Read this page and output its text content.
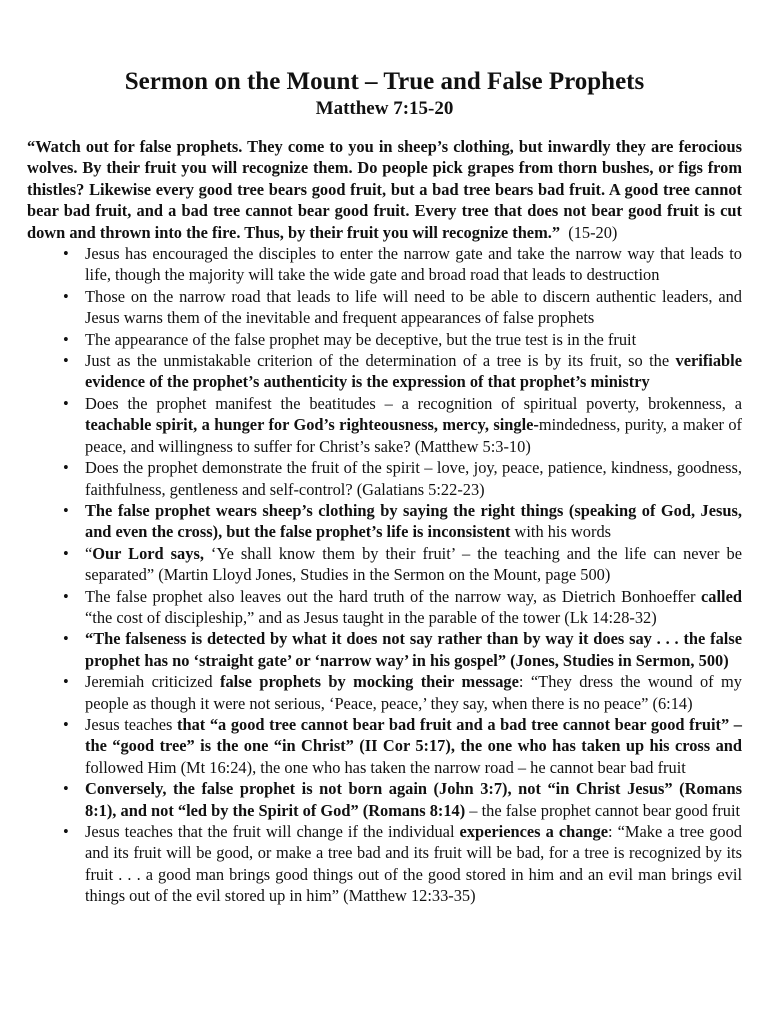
Sermon on the Mount – True and False Prophets
Matthew 7:15-20

“Watch out for false prophets. They come to you in sheep’s clothing, but inwardly they are ferocious wolves. By their fruit you will recognize them. Do people pick grapes from thorn bushes, or figs from thistles? Likewise every good tree bears good fruit, but a bad tree bears bad fruit. A good tree cannot bear bad fruit, and a bad tree cannot bear good fruit. Every tree that does not bear good fruit is cut down and thrown into the fire. Thus, by their fruit you will recognize them.” (15-20)

• Jesus has encouraged the disciples to enter the narrow gate and take the narrow way that leads to life, though the majority will take the wide gate and broad road that leads to destruction
• Those on the narrow road that leads to life will need to be able to discern authentic leaders, and Jesus warns them of the inevitable and frequent appearances of false prophets
• The appearance of the false prophet may be deceptive, but the true test is in the fruit
• Just as the unmistakable criterion of the determination of a tree is by its fruit, so the verifiable evidence of the prophet’s authenticity is the expression of that prophet’s ministry
• Does the prophet manifest the beatitudes – a recognition of spiritual poverty, brokenness, a teachable spirit, a hunger for God’s righteousness, mercy, single-mindedness, purity, a maker of peace, and willingness to suffer for Christ’s sake? (Matthew 5:3-10)
• Does the prophet demonstrate the fruit of the spirit – love, joy, peace, patience, kindness, goodness, faithfulness, gentleness and self-control? (Galatians 5:22-23)
• The false prophet wears sheep’s clothing by saying the right things (speaking of God, Jesus, and even the cross), but the false prophet’s life is inconsistent with his words
• “Our Lord says, ‘Ye shall know them by their fruit’ – the teaching and the life can never be separated” (Martin Lloyd Jones, Studies in the Sermon on the Mount, page 500)
• The false prophet also leaves out the hard truth of the narrow way, as Dietrich Bonhoeffer called “the cost of discipleship,” and as Jesus taught in the parable of the tower (Lk 14:28-32)
• “The falseness is detected by what it does not say rather than by way it does say . . . the false prophet has no ‘straight gate’ or ‘narrow way’ in his gospel” (Jones, Studies in Sermon, 500)
• Jeremiah criticized false prophets by mocking their message: “They dress the wound of my people as though it were not serious, ‘Peace, peace,’ they say, when there is no peace” (6:14)
• Jesus teaches that “a good tree cannot bear bad fruit and a bad tree cannot bear good fruit” – the “good tree” is the one “in Christ” (II Cor 5:17), the one who has taken up his cross and followed Him (Mt 16:24), the one who has taken the narrow road – he cannot bear bad fruit
• Conversely, the false prophet is not born again (John 3:7), not “in Christ Jesus” (Romans 8:1), and not “led by the Spirit of God” (Romans 8:14) – the false prophet cannot bear good fruit
• Jesus teaches that the fruit will change if the individual experiences a change: “Make a tree good and its fruit will be good, or make a tree bad and its fruit will be bad, for a tree is recognized by its fruit . . . a good man brings good things out of the good stored in him and an evil man brings evil things out of the evil stored up in him” (Matthew 12:33-35)
